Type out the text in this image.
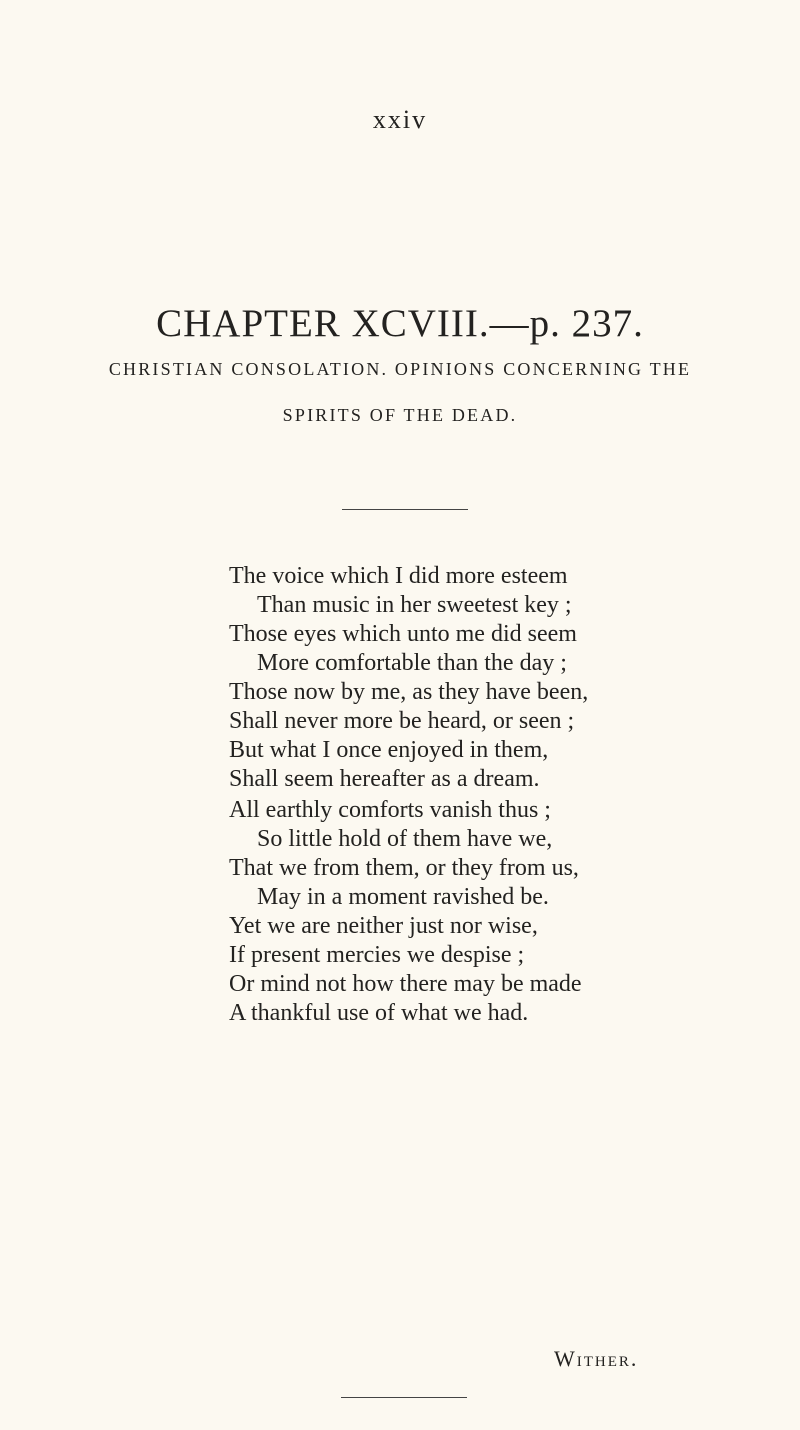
xxiv
CHAPTER XCVIII.—p. 237.
CHRISTIAN CONSOLATION. OPINIONS CONCERNING THE
SPIRITS OF THE DEAD.
The voice which I did more esteem
Than music in her sweetest key ;
Those eyes which unto me did seem
More comfortable than the day ;
Those now by me, as they have been,
Shall never more be heard, or seen ;
But what I once enjoyed in them,
Shall seem hereafter as a dream.
All earthly comforts vanish thus ;
So little hold of them have we,
That we from them, or they from us,
May in a moment ravished be.
Yet we are neither just nor wise,
If present mercies we despise ;
Or mind not how there may be made
A thankful use of what we had.
Wither.
